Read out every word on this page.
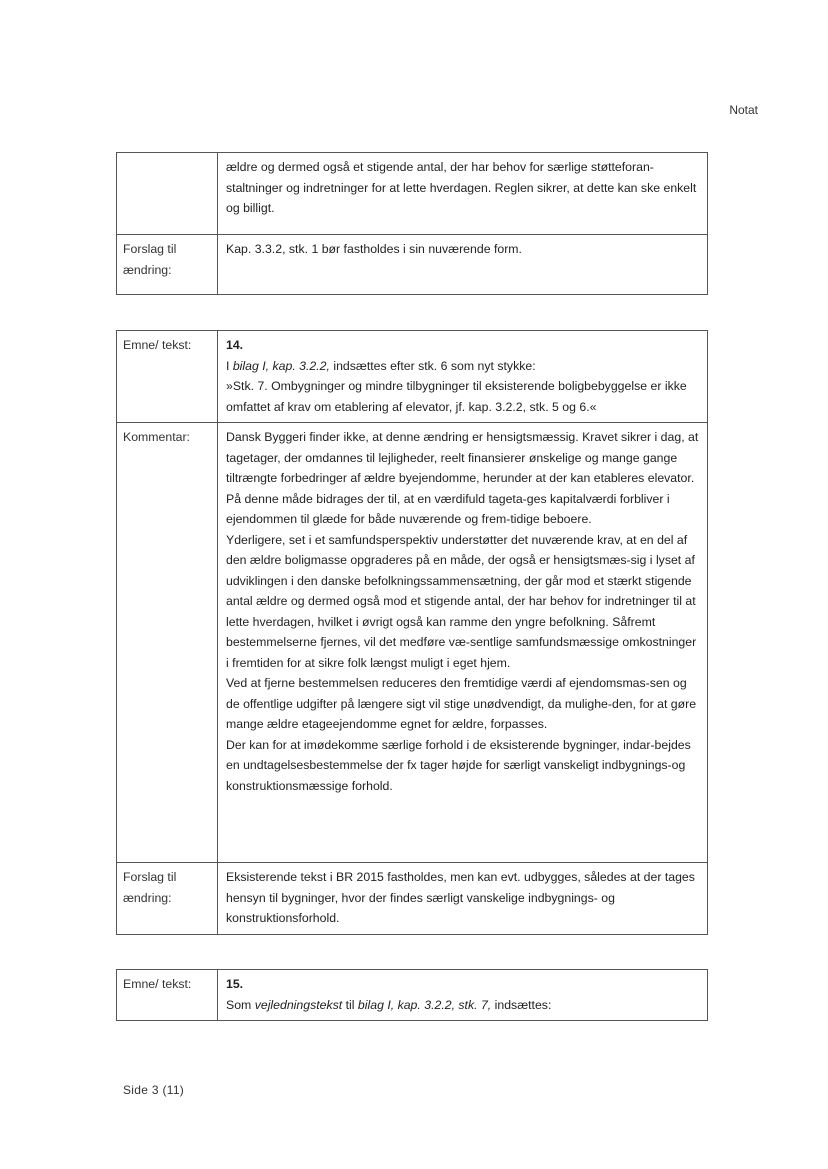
Notat
	ældre og dermed også et stigende antal, der har behov for særlige støtteforan-staltninger og indretninger for at lette hverdagen. Reglen sikrer, at dette kan ske enkelt og billigt.
Forslag til ændring:	Kap. 3.3.2, stk. 1 bør fastholdes i sin nuværende form.
Emne/ tekst:	14.

I bilag I, kap. 3.2.2, indsættes efter stk. 6 som nyt stykke:

»Stk. 7. Ombygninger og mindre tilbygninger til eksisterende boligbebyggelse er ikke omfattet af krav om etablering af elevator, jf. kap. 3.2.2, stk. 5 og 6.«

Kommentar:	Dansk Byggeri finder ikke, at denne ændring er hensigtsmæssig. Kravet sikrer i dag, at tagetager, der omdannes til lejligheder, reelt finansierer ønskelige og mange gange tiltrængte forbedringer af ældre byejendomme, herunder at der kan etableres elevator. På denne måde bidrages der til, at en værdifuld tageta-ges kapitalværdi forbliver i ejendommen til glæde for både nuværende og frem-tidige beboere.

Yderligere, set i et samfundsperspektiv understøtter det nuværende krav, at en del af den ældre boligmasse opgraderes på en måde, der også er hensigtsmæs-sig i lyset af udviklingen i den danske befolkningssammensætning, der går mod et stærkt stigende antal ældre og dermed også mod et stigende antal, der har behov for indretninger til at lette hverdagen, hvilket i øvrigt også kan ramme den yngre befolkning. Såfremt bestemmelserne fjernes, vil det medføre væ-sentlige samfundsmæssige omkostninger i fremtiden for at sikre folk længst muligt i eget hjem.

Ved at fjerne bestemmelsen reduceres den fremtidige værdi af ejendomsmas-sen og de offentlige udgifter på længere sigt vil stige unødvendigt, da mulighe-den, for at gøre mange ældre etageejendomme egnet for ældre, forpasses.

Der kan for at imødekomme særlige forhold i de eksisterende bygninger, indar-bejdes en undtagelsesbestemmelse der fx tager højde for særligt vanskeligt indbygnings-og konstruktionsmæssige forhold.

Forslag til ændring:	Eksisterende tekst i BR 2015 fastholdes, men kan evt. udbygges, således at der tages hensyn til bygninger, hvor der findes særligt vanskelige indbygnings- og konstruktionsforhold.
Emne/ tekst:	15.

Som vejledningstekst til bilag I, kap. 3.2.2, stk. 7, indsættes:

Side 3 (11)
